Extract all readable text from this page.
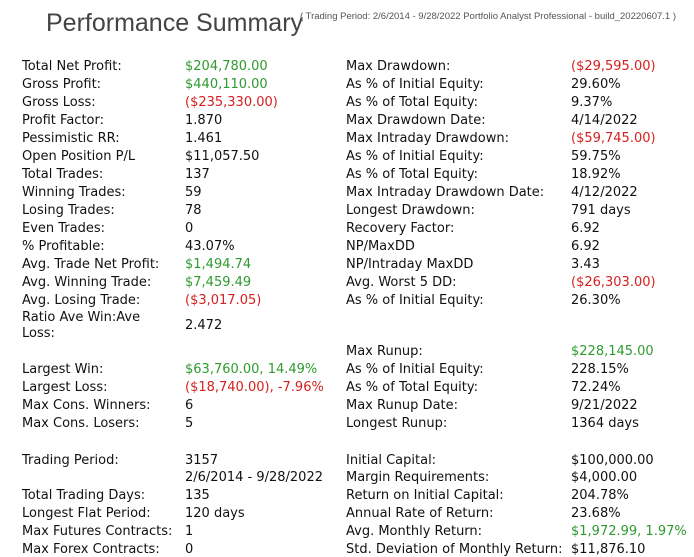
Performance Summary
( Trading Period: 2/6/2014 - 9/28/2022 Portfolio Analyst Professional - build_20220607.1 )
Total Net Profit:	$204,780.00
Gross Profit:	$440,110.00
Gross Loss:	($235,330.00)
Profit Factor:	1.870
Pessimistic RR:	1.461
Open Position P/L	$11,057.50
Total Trades:	137
Winning Trades:	59
Losing Trades:	78
Even Trades:	0
% Profitable:	43.07%
Avg. Trade Net Profit: $1,494.74
Avg. Winning Trade:	$7,459.49
Avg. Losing Trade:	($3,017.05)
Ratio Ave Win:Ave Loss:
2.472
Largest Win:	$63,760.00, 14.49%
Largest Loss:	($18,740.00), -7.96%
Max Cons. Winners:	6
Max Cons. Losers:	5
Trading Period:	3157
2/6/2014 - 9/28/2022
Total Trading Days:	135
Longest Flat Period:	120 days
Max Futures Contracts: 1
Max Forex Contracts: 0
Max Drawdown:	($29,595.00)
As % of Initial Equity:	29.60%
As % of Total Equity:	9.37%
Max Drawdown Date:	4/14/2022
Max Intraday Drawdown:	($59,745.00)
As % of Initial Equity:	59.75%
As % of Total Equity:	18.92%
Max Intraday Drawdown Date: 4/12/2022
Longest Drawdown:	791 days
Recovery Factor:	6.92
NP/MaxDD	6.92
NP/Intraday MaxDD	3.43
Avg. Worst 5 DD:	($26,303.00)
As % of Initial Equity:	26.30%
Max Runup:	$228,145.00
As % of Initial Equity:	228.15%
As % of Total Equity:	72.24%
Max Runup Date:	9/21/2022
Longest Runup:	1364 days
Initial Capital:	$100,000.00
Margin Requirements:	$4,000.00
Return on Initial Capital:	204.78%
Annual Rate of Return:	23.68%
Avg. Monthly Return:	$1,972.99, 1.97%
Std. Deviation of Monthly Return: $11,876.10
